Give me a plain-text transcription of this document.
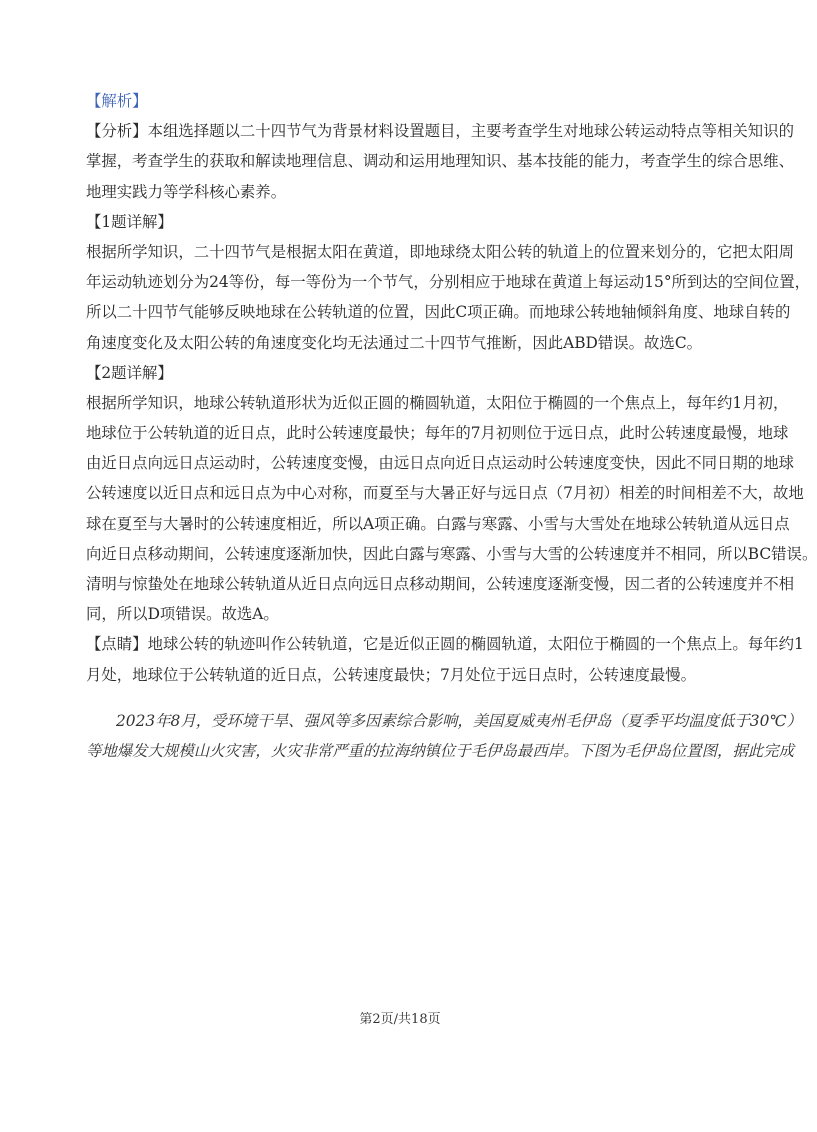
【解析】
【分析】本组选择题以二十四节气为背景材料设置题目，主要考查学生对地球公转运动特点等相关知识的
掌握，考查学生的获取和解读地理信息、调动和运用地理知识、基本技能的能力，考查学生的综合思维、
地理实践力等学科核心素养。
【1题详解】
根据所学知识，二十四节气是根据太阳在黄道，即地球绕太阳公转的轨道上的位置来划分的，它把太阳周
年运动轨迹划分为24等份，每一等份为一个节气，分别相应于地球在黄道上每运动15°所到达的空间位置，
所以二十四节气能够反映地球在公转轨道的位置，因此C项正确。而地球公转地轴倾斜角度、地球自转的
角速度变化及太阳公转的角速度变化均无法通过二十四节气推断，因此ABD错误。故选C。
【2题详解】
根据所学知识，地球公转轨道形状为近似正圆的椭圆轨道，太阳位于椭圆的一个焦点上，每年约1月初，
地球位于公转轨道的近日点，此时公转速度最快；每年的7月初则位于远日点，此时公转速度最慢，地球
由近日点向远日点运动时，公转速度变慢，由远日点向近日点运动时公转速度变快，因此不同日期的地球
公转速度以近日点和远日点为中心对称，而夏至与大暑正好与远日点（7月初）相差的时间相差不大，故地
球在夏至与大暑时的公转速度相近，所以A项正确。白露与寒露、小雪与大雪处在地球公转轨道从远日点
向近日点移动期间，公转速度逐渐加快，因此白露与寒露、小雪与大雪的公转速度并不相同，所以BC错误。
清明与惊蛰处在地球公转轨道从近日点向远日点移动期间，公转速度逐渐变慢，因二者的公转速度并不相
同，所以D项错误。故选A。
【点睛】地球公转的轨迹叫作公转轨道，它是近似正圆的椭圆轨道，太阳位于椭圆的一个焦点上。每年约1
月处，地球位于公转轨道的近日点，公转速度最快；7月处位于远日点时，公转速度最慢。
2023年8月，受环境干旱、强风等多因素综合影响，美国夏威夷州毛伊岛（夏季平均温度低于30℃）
等地爆发大规模山火灾害，火灾非常严重的拉海纳镇位于毛伊岛最西岸。下图为毛伊岛位置图，据此完成
第2页/共18页
